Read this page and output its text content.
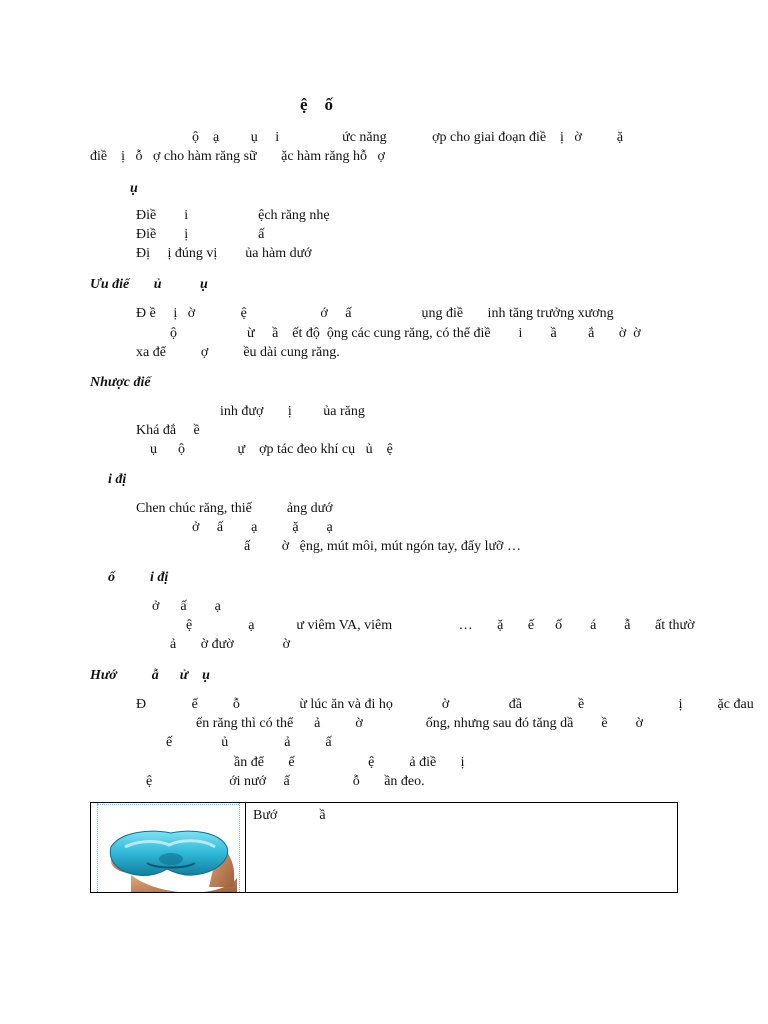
ệ    ố
ộ    ạ         ụ     i                  ức năng             ợp cho giai đoạn điề    ị   ờ          ặ
điề    ị   ỗ   ợ cho hàm răng sữ       ặc hàm răng hỗ   ợ
ụ
Điề        i                    ệch răng nhẹ
Điề        ị                    ấ
Đị     ị đúng vị        ủa hàm dướ
Ưu điể       ủ           ụ
Đ ề     ị   ờ             ệ                     ớ     ấ                    ụng điề       inh tăng trưởng xương
ộ                    ừ     ầ    ết độ  ộng các cung răng, có thể điề        i        ầ         ắ       ờ  ờ
xa để          ợ          ều dài cung răng.
Nhược điể
inh đượ       ị         ủa răng
Khá đắ     ề
ụ      ộ               ự    ợp tác đeo khí cụ   ủ    ệ
i đị
Chen chúc răng, thiế          ảng dướ
ở     ấ        ạ          ặ        ạ
ấ         ờ   ệng, mút môi, mút ngón tay, đẩy lưỡ …
ố          i đị
ở      ấ        ạ
ệ                ạ            ư viêm VA, viêm                   …       ặ       ế      ố        á        ẫ       ất thườ
ả       ờ đườ              ờ
Hướ          ẫ      ử    ụ
Đ             ế          ỗ                 ừ lúc ăn và đi họ              ờ                 đầ                ề                           ị          ặc đau
ến răng thì có thể      ả          ờ                  ống, nhưng sau đó tăng dầ        ề        ờ
ế              ủ                ả          ấ
ần để       ế                     ệ          ả điề       ị
ệ                      ới nướ     ấ                  ỗ       ần đeo.
Bướ            ầ
